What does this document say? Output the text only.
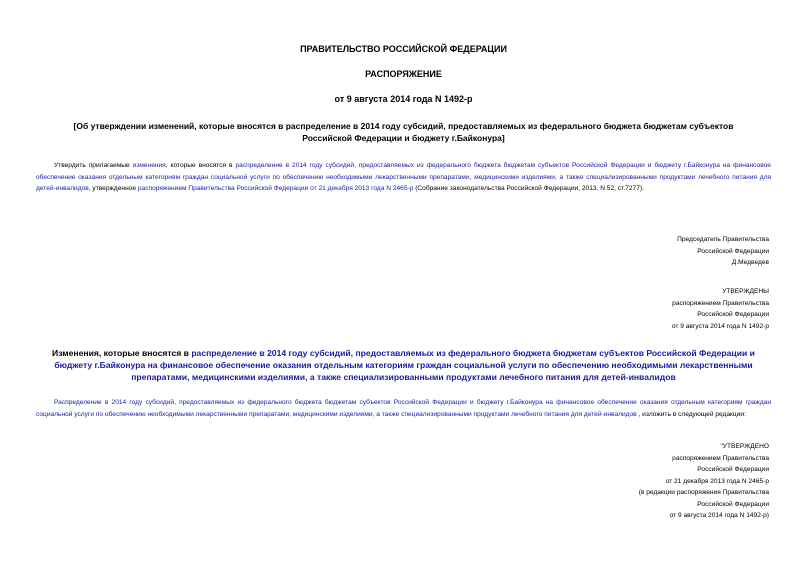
ПРАВИТЕЛЬСТВО РОССИЙСКОЙ ФЕДЕРАЦИИ
РАСПОРЯЖЕНИЕ
от 9 августа 2014 года N 1492-р
[Об утверждении изменений, которые вносятся в распределение в 2014 году субсидий, предоставляемых из федерального бюджета бюджетам субъектов
Российской Федерации и бюджету г.Байконура]
Утвердить прилагаемые изменения, которые вносятся в распределение в 2014 году субсидий, предоставляемых из федерального бюджета бюджетам субъектов Российской Федерации и бюджету г.Байконура на финансовое обеспечение оказания отдельным категориям граждан социальной услуги по обеспечению необходимыми лекарственными препаратами, медицинскими изделиями, а также специализированными продуктами лечебного питания для детей-инвалидов, утвержденное распоряжением Правительства Российской Федерации от 21 декабря 2013 года N 2465-р (Собрание законодательства Российской Федерации, 2013, N 52, ст.7277).
Председатель Правительства
Российской Федерации
Д.Медведев
УТВЕРЖДЕНЫ
распоряжением Правительства
Российской Федерации
от 9 августа 2014 года N 1492-р
Изменения, которые вносятся в распределение в 2014 году субсидий, предоставляемых из федерального бюджета бюджетам субъектов Российской Федерации и бюджету г.Байконура на финансовое обеспечение оказания отдельным категориям граждан социальной услуги по обеспечению необходимыми лекарственными препаратами, медицинскими изделиями, а также специализированными продуктами лечебного питания для детей-инвалидов
Распределение в 2014 году субсидий, предоставляемых из федерального бюджета бюджетам субъектов Российской Федерации и бюджету г.Байконура на финансовое обеспечение оказания отдельным категориям граждан социальной услуги по обеспечению необходимыми лекарственными препаратами, медицинскими изделиями, а также специализированными продуктами лечебного питания для детей-инвалидов , изложить в следующей редакции:
"УТВЕРЖДЕНО
распоряжением Правительства
Российской Федерации
от 21 декабря 2013 года N 2465-р
(в редакции распоряжения Правительства
Российской Федерации
от 9 августа 2014 года N 1492-р)
